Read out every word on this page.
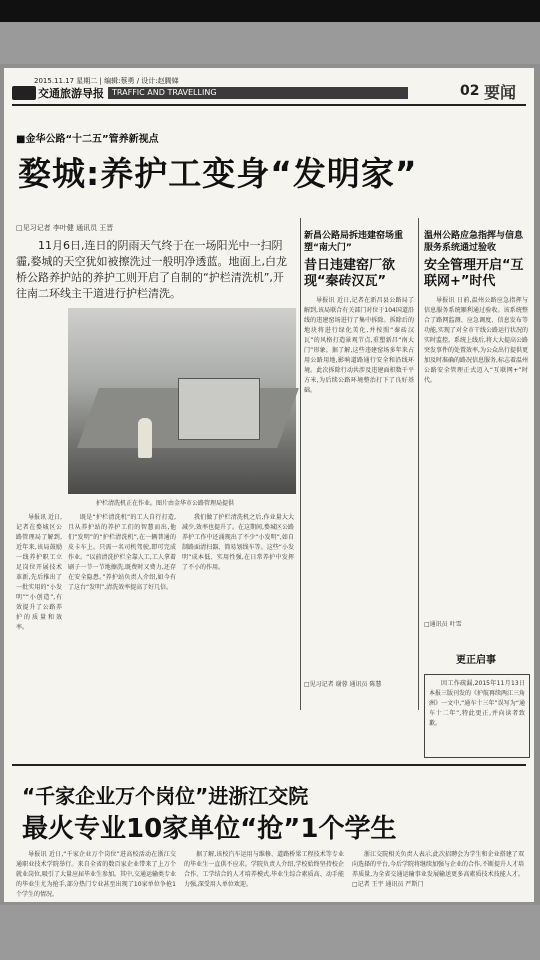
2015.11.17 星期二 | 编辑:蔡勇 / 设计:赵腾娣
交通旅游导报	TRAFFIC AND TRAVELLING	02 要闻
■金华公路“十二五”管养新视点
婺城:养护工变身“发明家”
□见习记者 李叶健 通讯员 王晋
11月6日,连日的阴雨天气终于在一场阳光中一扫阴霾,婺城的天空犹如被擦洗过一般明净透蓝。地面上,白龙桥公路养护站的养护工则开启了自制的“护栏清洗机”,开往南二环线主干道进行护栏清洗。
护栏清洗机正在作业。图片由金华市公路管理局提供
既是“护栏清洗机”的工人自行打造,且从养护站的养护工们的智慧而出,他们“发明”的“护栏清洗机”,在一辆普通的皮卡车上。只需一名司机驾驶,即可完成作业。“以前清洗护栏全靠人工,工人拿着刷子一节一节地擦洗,既费时又费力,还存在安全隐患。”养护站负责人介绍,如今有了这台“发明”,清洗效率提高了好几倍。
我们做了护栏清洗机之后,作业量大大减少,效率也提升了。在这期间,婺城区公路养护工作中还涌现出了不少“小发明”,如自制路面清扫器、简易划线车等。这些“小发明”成本低、实用性强,在日常养护中发挥了不小的作用。
导报讯 近日,记者在婺城区公路管理局了解到,近年来,该局鼓励一线养护职工立足岗位开展技术革新,先后推出了一批实用的“小发明”“小创造”,有效提升了公路养护的质量和效率。
新昌公路局拆违建窑场重塑“南大门”
昔日违建窑厂欲现“秦砖汉瓦”
导报讯 近日,记者在新昌县公路局了解到,该局联合有关部门对位于104国道沿线的违建窑场进行了集中拆除。拆除后的地块将进行绿化美化,并按照“秦砖汉瓦”的风格打造景观节点,重塑新昌“南大门”形象。据了解,这些违建窑场多年来占用公路用地,影响道路通行安全和沿线环境。此次拆除行动共涉及违建面积数千平方米,为后续公路环境整治打下了良好基础。
□见习记者 谢蓉 通讯员 陈慧
温州公路应急指挥与信息服务系统通过验收
安全管理开启“互联网+”时代
导报讯 日前,温州公路应急指挥与信息服务系统顺利通过验收。该系统整合了路网监测、应急调度、信息发布等功能,实现了对全市干线公路运行状况的实时监控。系统上线后,将大大提高公路突发事件的处置效率,为公众出行提供更加及时准确的路况信息服务,标志着温州公路安全管理正式迈入“互联网+”时代。
□通讯员 叶雪
更正启事
因工作疏漏,2015年11月13日本报三版刊发的《护航再续两江三角洲》一文中,“通车十三年”误写为“通车十二年”,特此更正,并向读者致歉。
“千家企业万个岗位”进浙江交院
最火专业10家单位“抢”1个学生
导报讯 近日,“千家企业万个岗位”进高校活动在浙江交通职业技术学院举行。来自全省的数百家企业带来了上万个就业岗位,吸引了大量应届毕业生参加。其中,交通运输类专业的毕业生尤为抢手,部分热门专业甚至出现了10家单位争抢1个学生的情况。
据了解,该校汽车运用与维修、道路桥梁工程技术等专业的毕业生一直供不应求。学院负责人介绍,学校始终坚持校企合作、工学结合的人才培养模式,毕业生综合素质高、动手能力强,深受用人单位欢迎。
浙江交院相关负责人表示,此次招聘会为学生和企业搭建了双向选择的平台,今后学院将继续加强与企业的合作,不断提升人才培养质量,为全省交通运输事业发展输送更多高素质技术技能人才。□记者 王宇 通讯员 严斯门
